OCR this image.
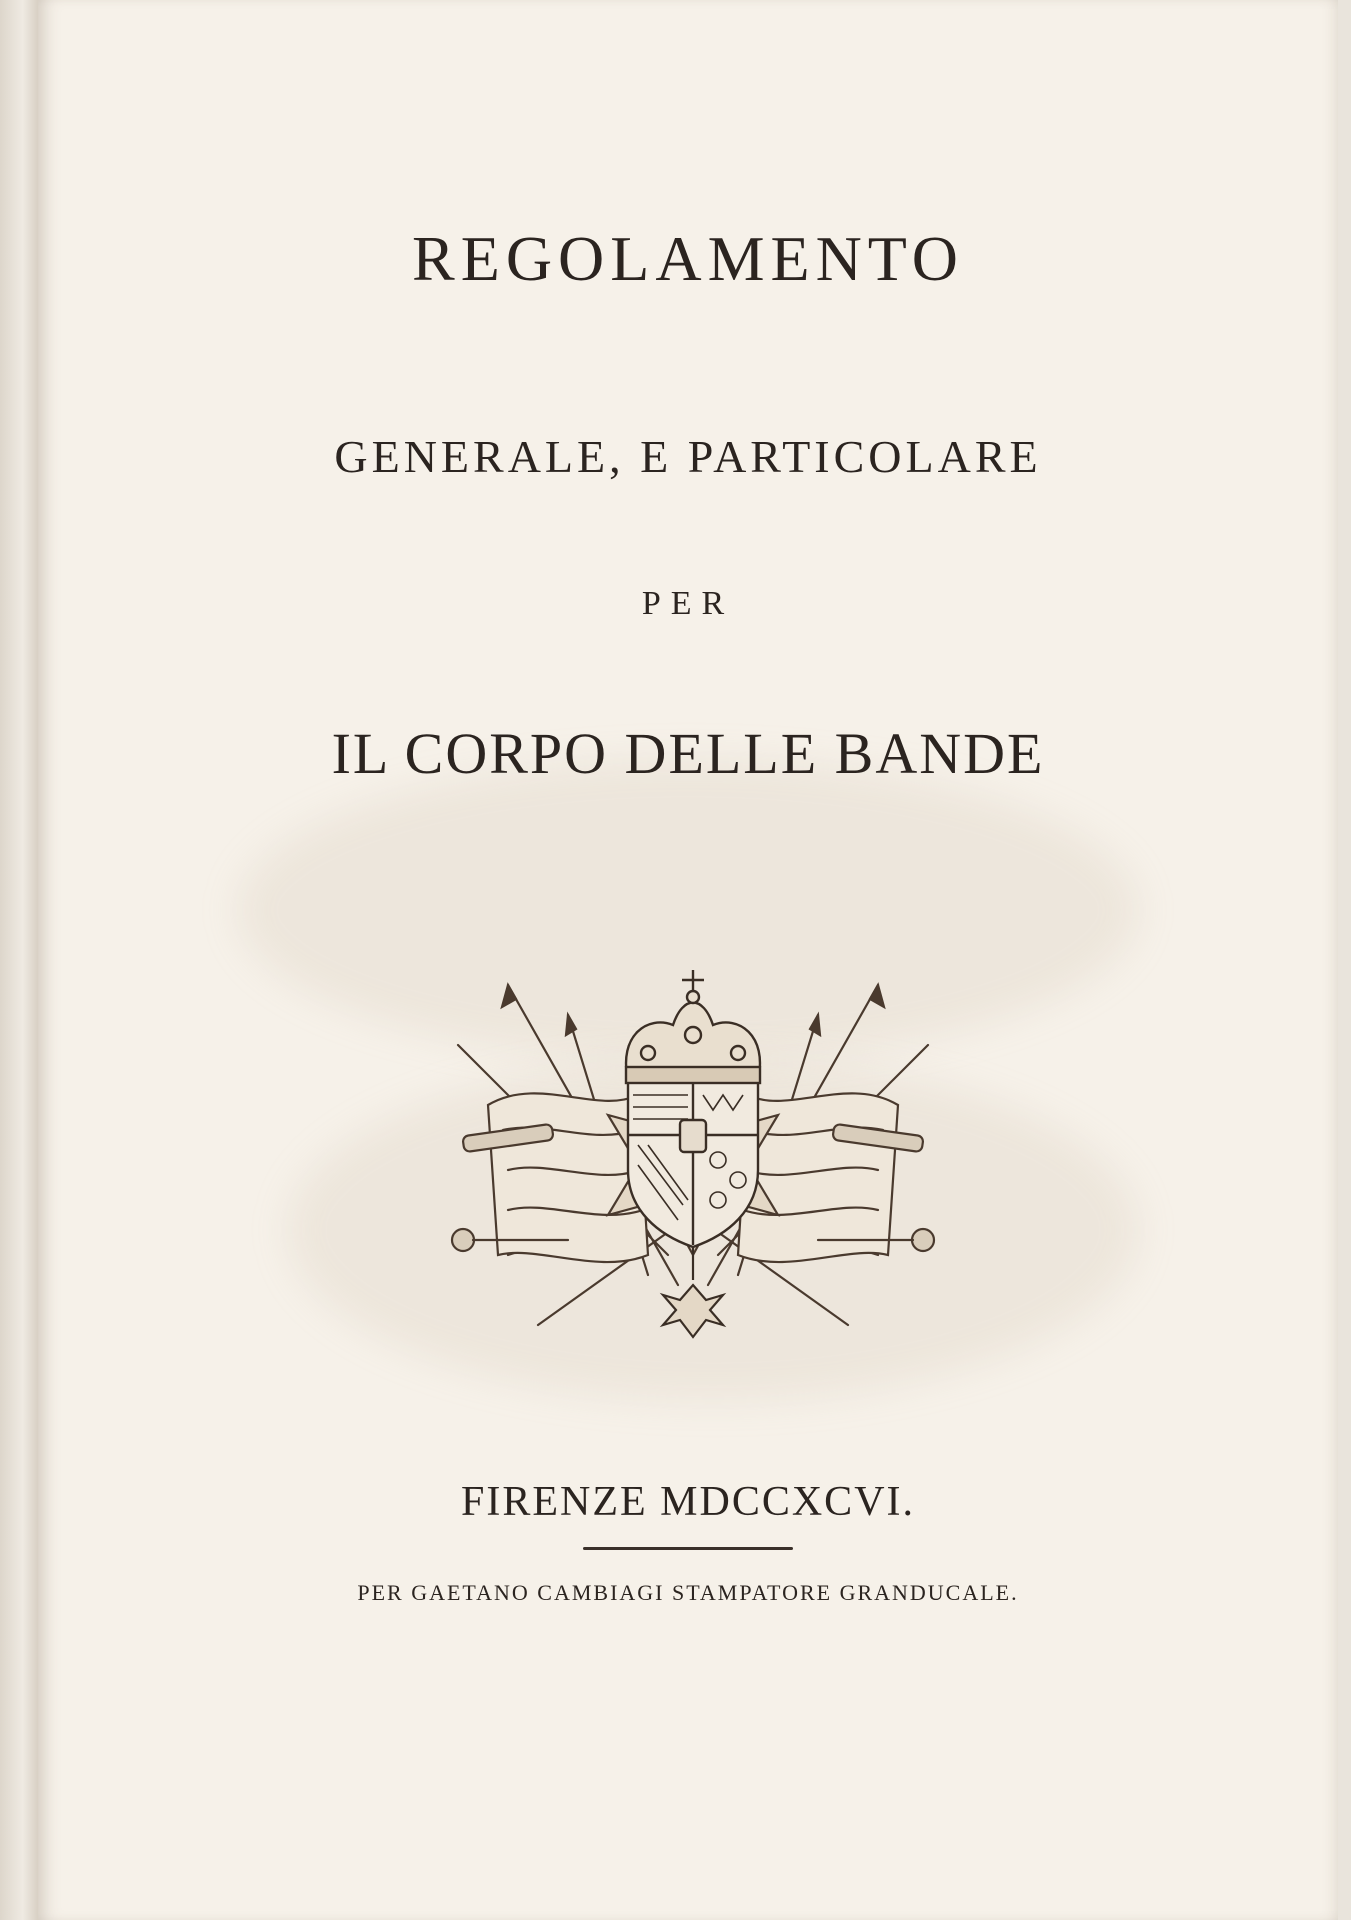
REGOLAMENTO
GENERALE, E PARTICOLARE
PER
IL CORPO DELLE BANDE
FIRENZE MDCCXCVI.
PER GAETANO CAMBIAGI STAMPATORE GRANDUCALE.
